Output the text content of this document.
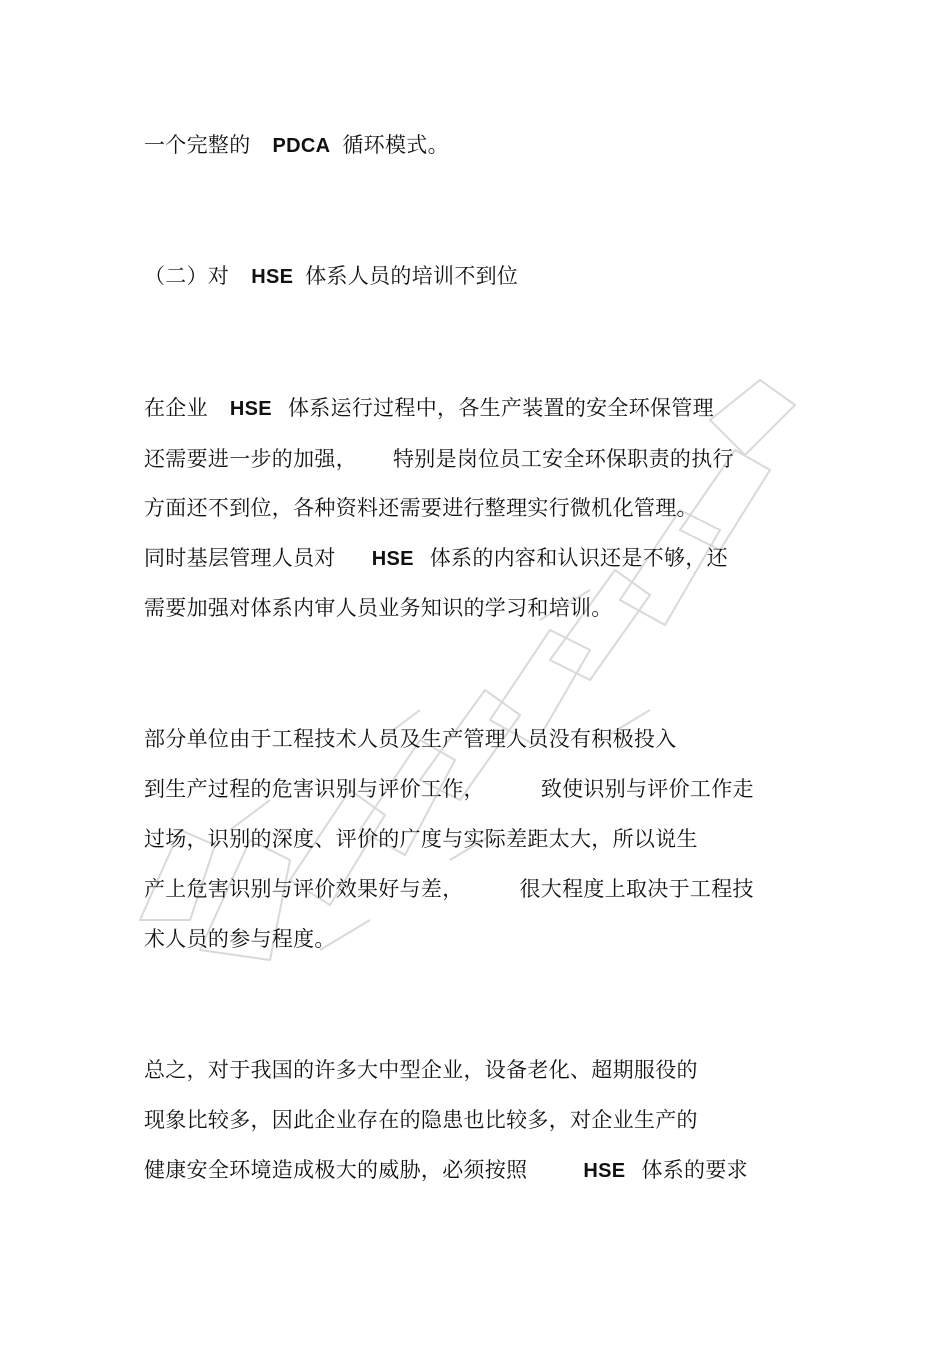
一个完整的 PDCA 循环模式。
（二）对 HSE 体系人员的培训不到位
在企业 HSE 体系运行过程中，各生产装置的安全环保管理
还需要进一步的加强， 特别是岗位员工安全环保职责的执行
方面还不到位，各种资料还需要进行整理实行微机化管理。
同时基层管理人员对 HSE 体系的内容和认识还是不够，还
需要加强对体系内审人员业务知识的学习和培训。
部分单位由于工程技术人员及生产管理人员没有积极投入
到生产过程的危害识别与评价工作，	致使识别与评价工作走
过场，识别的深度、评价的广度与实际差距太大，所以说生
产上危害识别与评价效果好与差，	很大程度上取决于工程技
术人员的参与程度。
总之，对于我国的许多大中型企业，设备老化、超期服役的
现象比较多，因此企业存在的隐患也比较多，对企业生产的
健康安全环境造成极大的威胁，必须按照	HSE 体系的要求
